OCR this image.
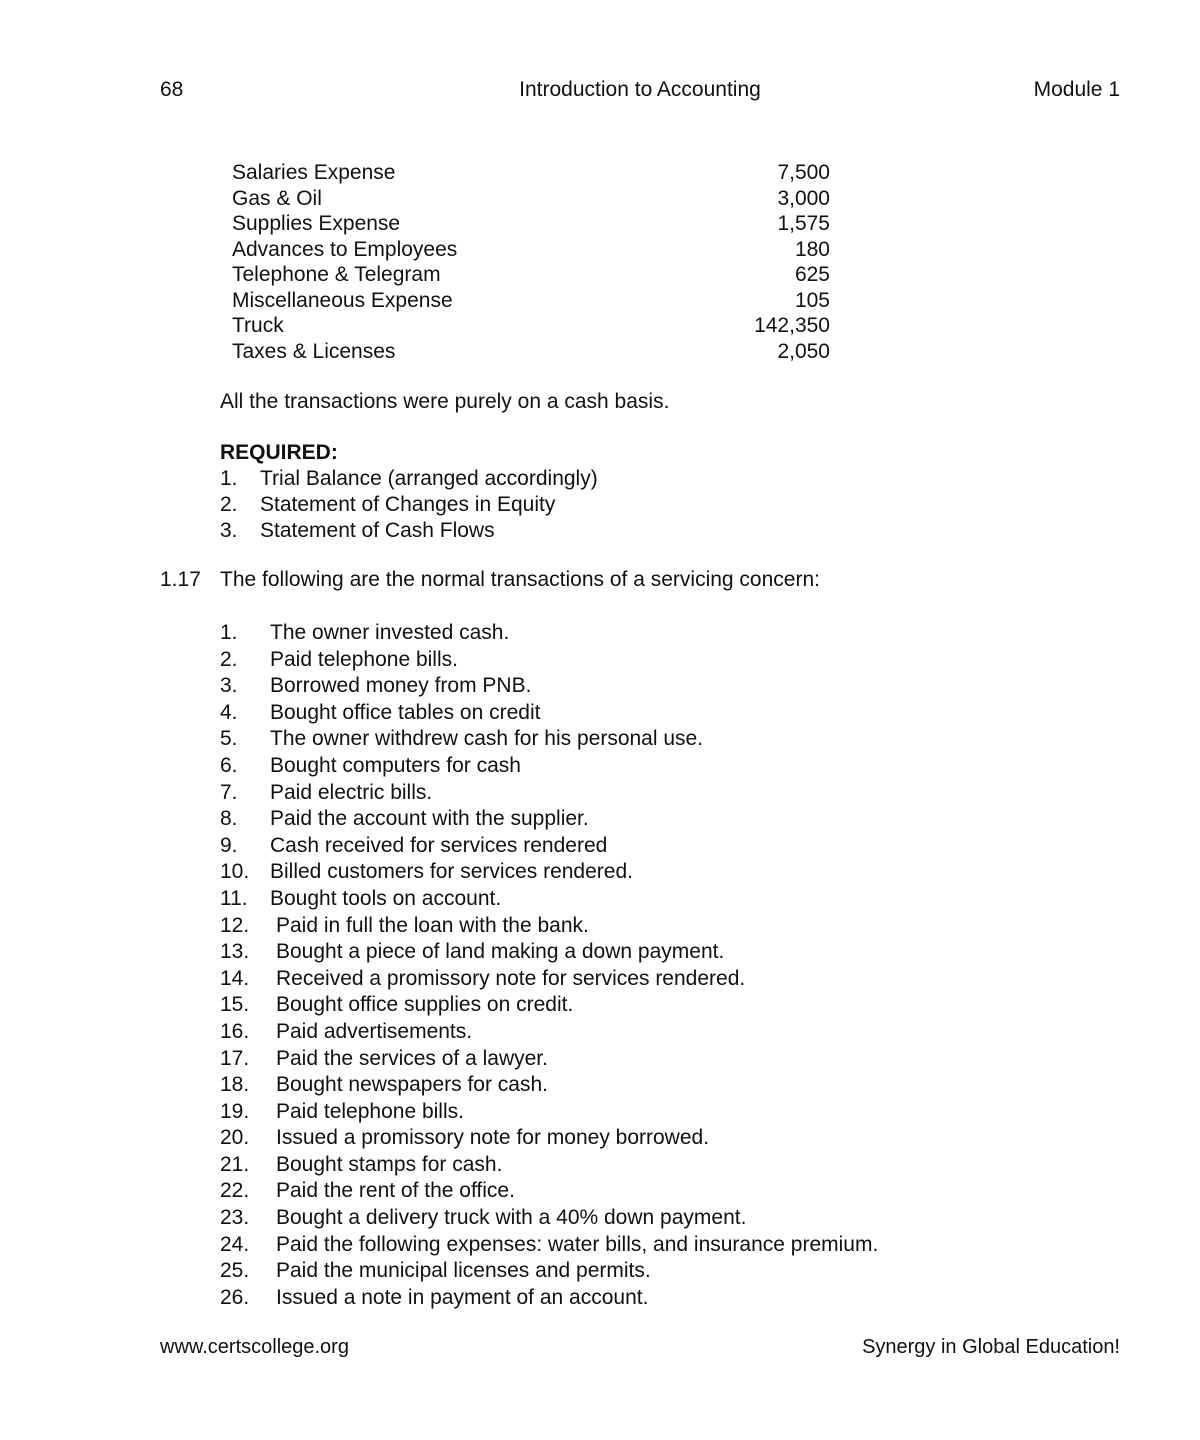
68	Introduction to Accounting	Module 1
Salaries Expense	7,500
Gas & Oil	3,000
Supplies Expense	1,575
Advances to Employees	180
Telephone & Telegram	625
Miscellaneous Expense	105
Truck	142,350
Taxes & Licenses	2,050
All the transactions were purely on a cash basis.
REQUIRED:
1. Trial Balance (arranged accordingly)
2. Statement of Changes in Equity
3. Statement of Cash Flows
1.17 The following are the normal transactions of a servicing concern:
1. The owner invested cash.
2. Paid telephone bills.
3. Borrowed money from PNB.
4. Bought office tables on credit
5. The owner withdrew cash for his personal use.
6. Bought computers for cash
7. Paid electric bills.
8. Paid the account with the supplier.
9. Cash received for services rendered
10. Billed customers for services rendered.
11. Bought tools on account.
12. Paid in full the loan with the bank.
13. Bought a piece of land making a down payment.
14. Received a promissory note for services rendered.
15. Bought office supplies on credit.
16. Paid advertisements.
17. Paid the services of a lawyer.
18. Bought newspapers for cash.
19. Paid telephone bills.
20. Issued a promissory note for money borrowed.
21. Bought stamps for cash.
22. Paid the rent of the office.
23. Bought a delivery truck with a 40% down payment.
24. Paid the following expenses: water bills, and insurance premium.
25. Paid the municipal licenses and permits.
26. Issued a note in payment of an account.
www.certscollege.org	Synergy in Global Education!
